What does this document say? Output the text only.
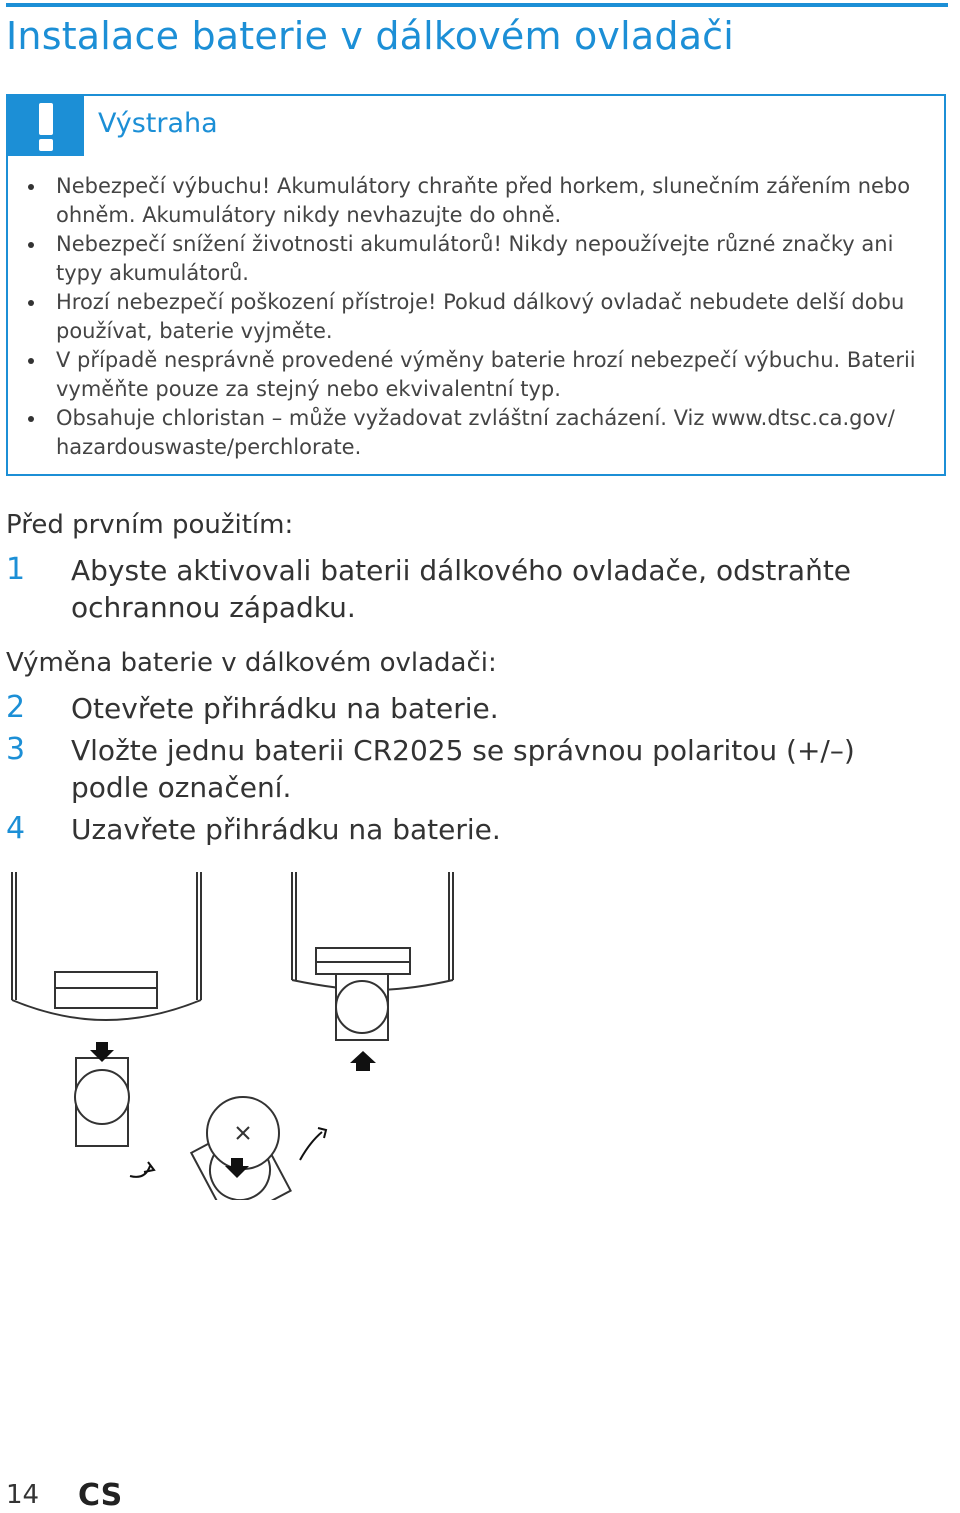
Instalace baterie v dálkovém ovladači
Výstraha
Nebezpečí výbuchu! Akumulátory chraňte před horkem, slunečním zářením nebo ohněm. Akumulátory nikdy nevhazujte do ohně.
Nebezpečí snížení životnosti akumulátorů! Nikdy nepoužívejte různé značky ani typy akumulátorů.
Hrozí nebezpečí poškození přístroje! Pokud dálkový ovladač nebudete delší dobu používat, baterie vyjměte.
V případě nesprávně provedené výměny baterie hrozí nebezpečí výbuchu. Baterii vyměňte pouze za stejný nebo ekvivalentní typ.
Obsahuje chloristan – může vyžadovat zvláštní zacházení. Viz www.dtsc.ca.gov/ hazardouswaste/perchlorate.
Před prvním použitím:
1 Abyste aktivovali baterii dálkového ovladače, odstraňte ochrannou západku.
Výměna baterie v dálkovém ovladači:
2 Otevřete přihrádku na baterie.
3 Vložte jednu baterii CR2025 se správnou polaritou (+/–) podle označení.
4 Uzavřete přihrádku na baterie.
14 CS
